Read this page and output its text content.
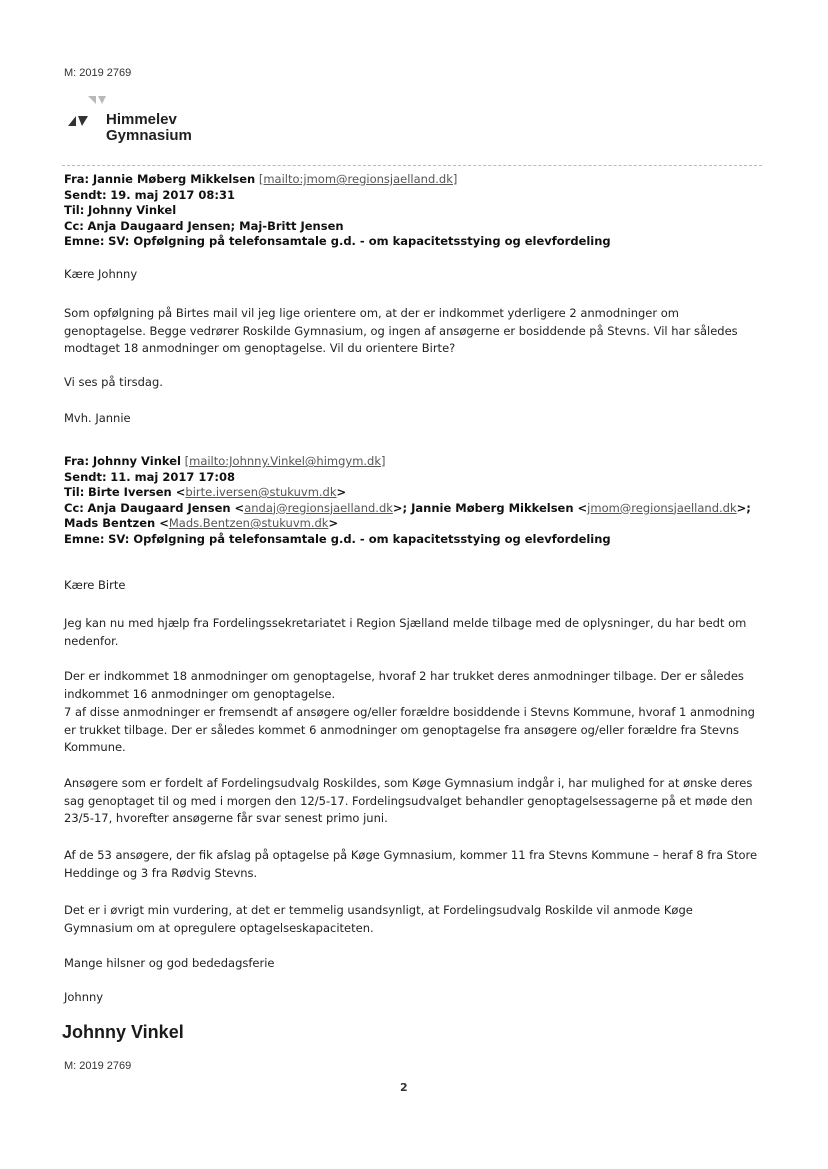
M: 2019 2769
Himmelev
Gymnasium
Fra: Jannie Møberg Mikkelsen [mailto:jmom@regionsjaelland.dk]
Sendt: 19. maj 2017 08:31
Til: Johnny Vinkel
Cc: Anja Daugaard Jensen; Maj-Britt Jensen
Emne: SV: Opfølgning på telefonsamtale g.d. - om kapacitetsstying og elevfordeling
Kære Johnny
Som opfølgning på Birtes mail vil jeg lige orientere om, at der er indkommet yderligere 2 anmodninger om genoptagelse. Begge vedrører Roskilde Gymnasium, og ingen af ansøgerne er bosiddende på Stevns. Vil har således modtaget 18 anmodninger om genoptagelse. Vil du orientere Birte?
Vi ses på tirsdag.
Mvh. Jannie
Fra: Johnny Vinkel [mailto:Johnny.Vinkel@himgym.dk]
Sendt: 11. maj 2017 17:08
Til: Birte Iversen <birte.iversen@stukuvm.dk>
Cc: Anja Daugaard Jensen <andaj@regionsjaelland.dk>; Jannie Møberg Mikkelsen <jmom@regionsjaelland.dk>;
Mads Bentzen <Mads.Bentzen@stukuvm.dk>
Emne: SV: Opfølgning på telefonsamtale g.d. - om kapacitetsstying og elevfordeling
Kære Birte
Jeg kan nu med hjælp fra Fordelingssekretariatet i Region Sjælland melde tilbage med de oplysninger, du har bedt om nedenfor.
Der er indkommet 18 anmodninger om genoptagelse, hvoraf 2 har trukket deres anmodninger tilbage. Der er således indkommet 16 anmodninger om genoptagelse.
7 af disse anmodninger er fremsendt af ansøgere og/eller forældre bosiddende i Stevns Kommune, hvoraf 1 anmodning er trukket tilbage. Der er således kommet 6 anmodninger om genoptagelse fra ansøgere og/eller forældre fra Stevns Kommune.
Ansøgere som er fordelt af Fordelingsudvalg Roskildes, som Køge Gymnasium indgår i, har mulighed for at ønske deres sag genoptaget til og med i morgen den 12/5-17. Fordelingsudvalget behandler genoptagelsessagerne på et møde den 23/5-17, hvorefter ansøgerne får svar senest primo juni.
Af de 53 ansøgere, der fik afslag på optagelse på Køge Gymnasium, kommer 11 fra Stevns Kommune – heraf 8 fra Store Heddinge og 3 fra Rødvig Stevns.
Det er i øvrigt min vurdering, at det er temmelig usandsynligt, at Fordelingsudvalg Roskilde vil anmode Køge Gymnasium om at opregulere optagelseskapaciteten.
Mange hilsner og god bededagsferie
Johnny
Johnny Vinkel
M: 2019 2769
2
